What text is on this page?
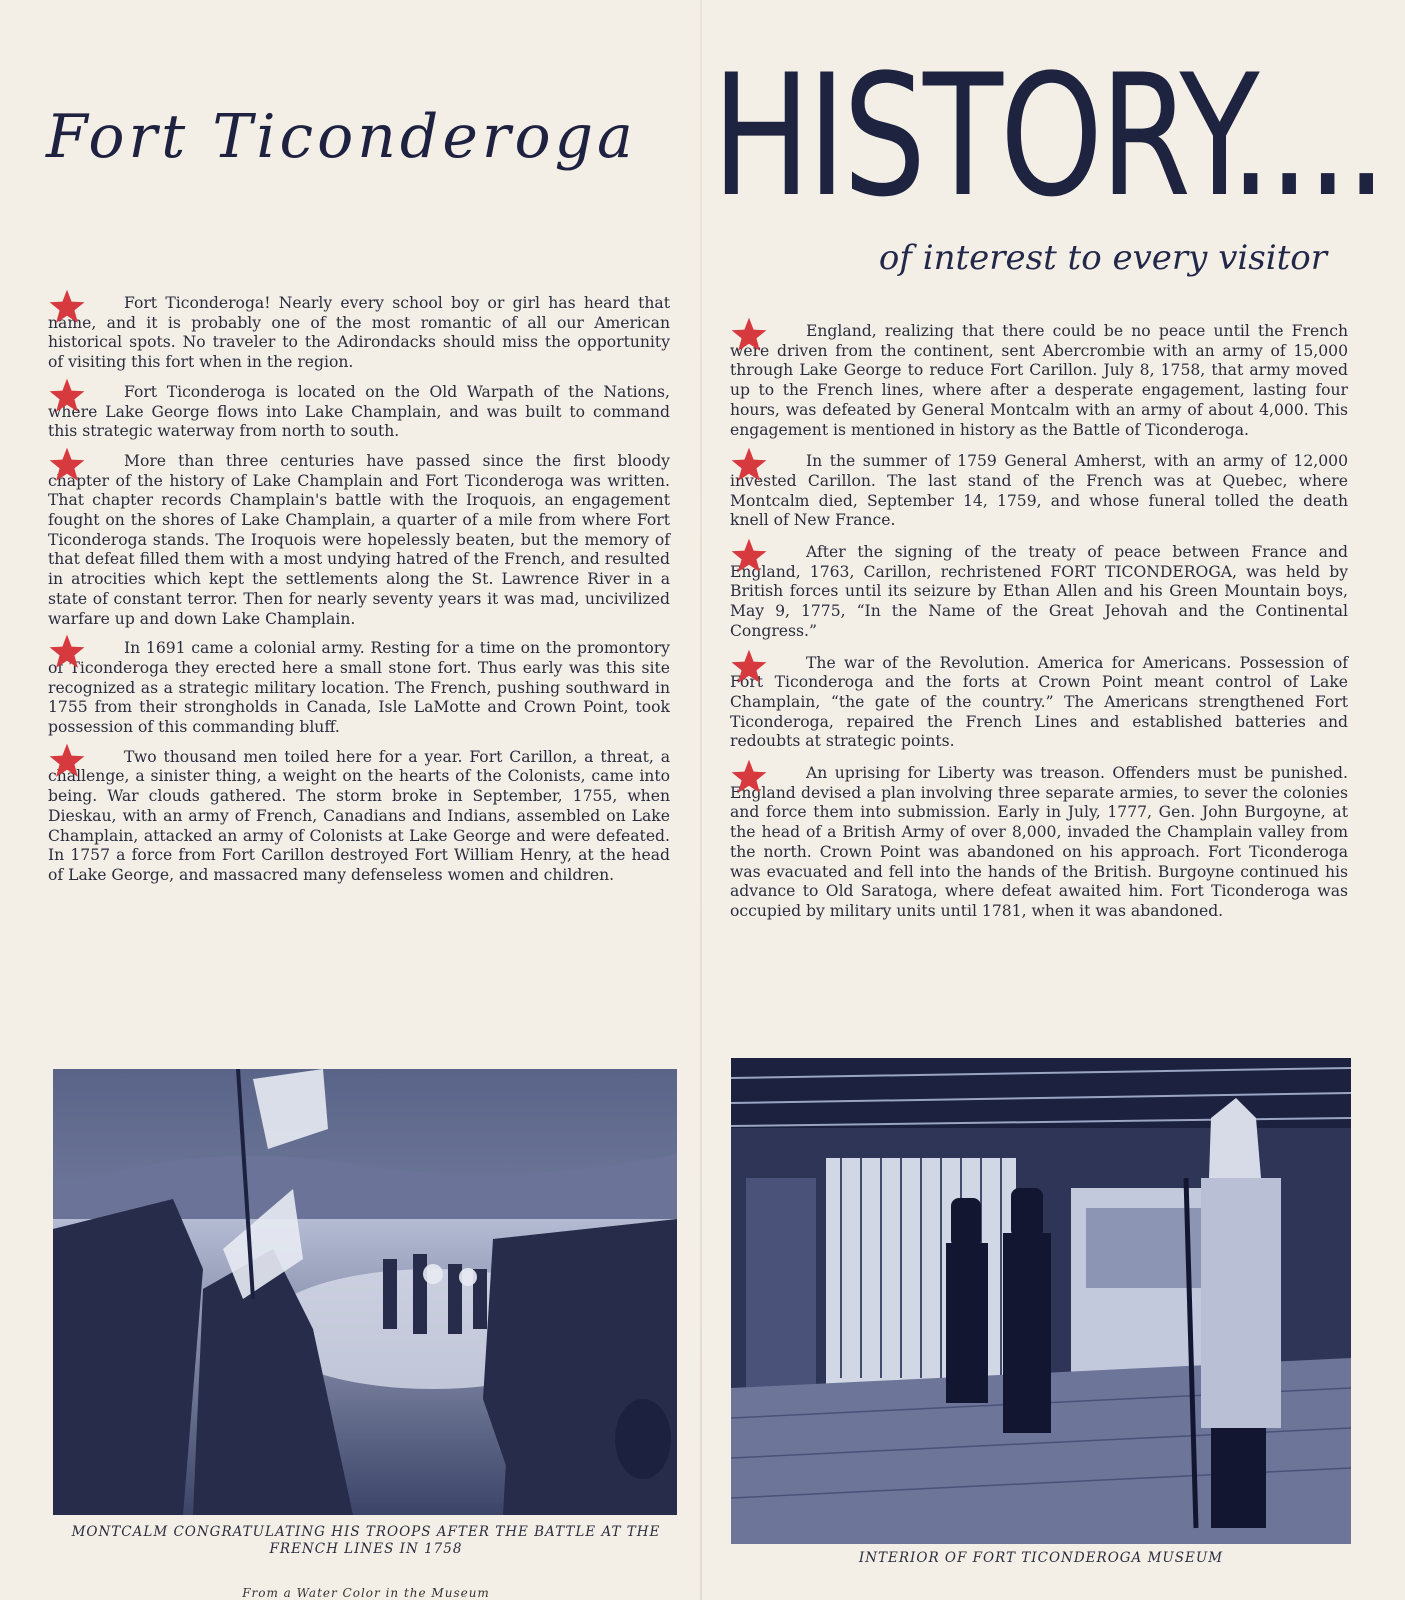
Fort Ticonderoga HISTORY....
of interest to every visitor

Fort Ticonderoga! Nearly every school boy or girl has heard that name, and it is probably one of the most romantic of all our American historical spots. No traveler to the Adirondacks should miss the opportunity of visiting this fort when in the region.

Fort Ticonderoga is located on the Old Warpath of the Nations, where Lake George flows into Lake Champlain, and was built to command this strategic waterway from north to south.

More than three centuries have passed since the first bloody chapter of the history of Lake Champlain and Fort Ticonderoga was written. That chapter records Champlain's battle with the Iroquois, an engagement fought on the shores of Lake Champlain, a quarter of a mile from where Fort Ticonderoga stands. The Iroquois were hopelessly beaten, but the memory of that defeat filled them with a most undying hatred of the French, and resulted in atrocities which kept the settlements along the St. Lawrence River in a state of constant terror. Then for nearly seventy years it was mad, uncivilized warfare up and down Lake Champlain.

In 1691 came a colonial army. Resting for a time on the promontory of Ticonderoga they erected here a small stone fort. Thus early was this site recognized as a strategic military location. The French, pushing southward in 1755 from their strongholds in Canada, Isle LaMotte and Crown Point, took possession of this commanding bluff.

Two thousand men toiled here for a year. Fort Carillon, a threat, a challenge, a sinister thing, a weight on the hearts of the Colonists, came into being. War clouds gathered. The storm broke in September, 1755, when Dieskau, with an army of French, Canadians and Indians, assembled on Lake Champlain, attacked an army of Colonists at Lake George and were defeated. In 1757 a force from Fort Carillon destroyed Fort William Henry, at the head of Lake George, and massacred many defenseless women and children.

England, realizing that there could be no peace until the French were driven from the continent, sent Abercrombie with an army of 15,000 through Lake George to reduce Fort Carillon. July 8, 1758, that army moved up to the French lines, where after a desperate engagement, lasting four hours, was defeated by General Montcalm with an army of about 4,000. This engagement is mentioned in history as the Battle of Ticonderoga.

In the summer of 1759 General Amherst, with an army of 12,000 invested Carillon. The last stand of the French was at Quebec, where Montcalm died, September 14, 1759, and whose funeral tolled the death knell of New France.

After the signing of the treaty of peace between France and England, 1763, Carillon, rechristened FORT TICONDEROGA, was held by British forces until its seizure by Ethan Allen and his Green Mountain boys, May 9, 1775, “In the Name of the Great Jehovah and the Continental Congress.”

The war of the Revolution. America for Americans. Possession of Fort Ticonderoga and the forts at Crown Point meant control of Lake Champlain, “the gate of the country.” The Americans strengthened Fort Ticonderoga, repaired the French Lines and established batteries and redoubts at strategic points.

An uprising for Liberty was treason. Offenders must be punished. England devised a plan involving three separate armies, to sever the colonies and force them into submission. Early in July, 1777, Gen. John Burgoyne, at the head of a British Army of over 8,000, invaded the Champlain valley from the north. Crown Point was abandoned on his approach. Fort Ticonderoga was evacuated and fell into the hands of the British. Burgoyne continued his advance to Old Saratoga, where defeat awaited him. Fort Ticonderoga was occupied by military units until 1781, when it was abandoned.

MONTCALM CONGRATULATING HIS TROOPS AFTER THE BATTLE AT THE FRENCH LINES IN 1758
From a Water Color in the Museum
INTERIOR OF FORT TICONDEROGA MUSEUM
